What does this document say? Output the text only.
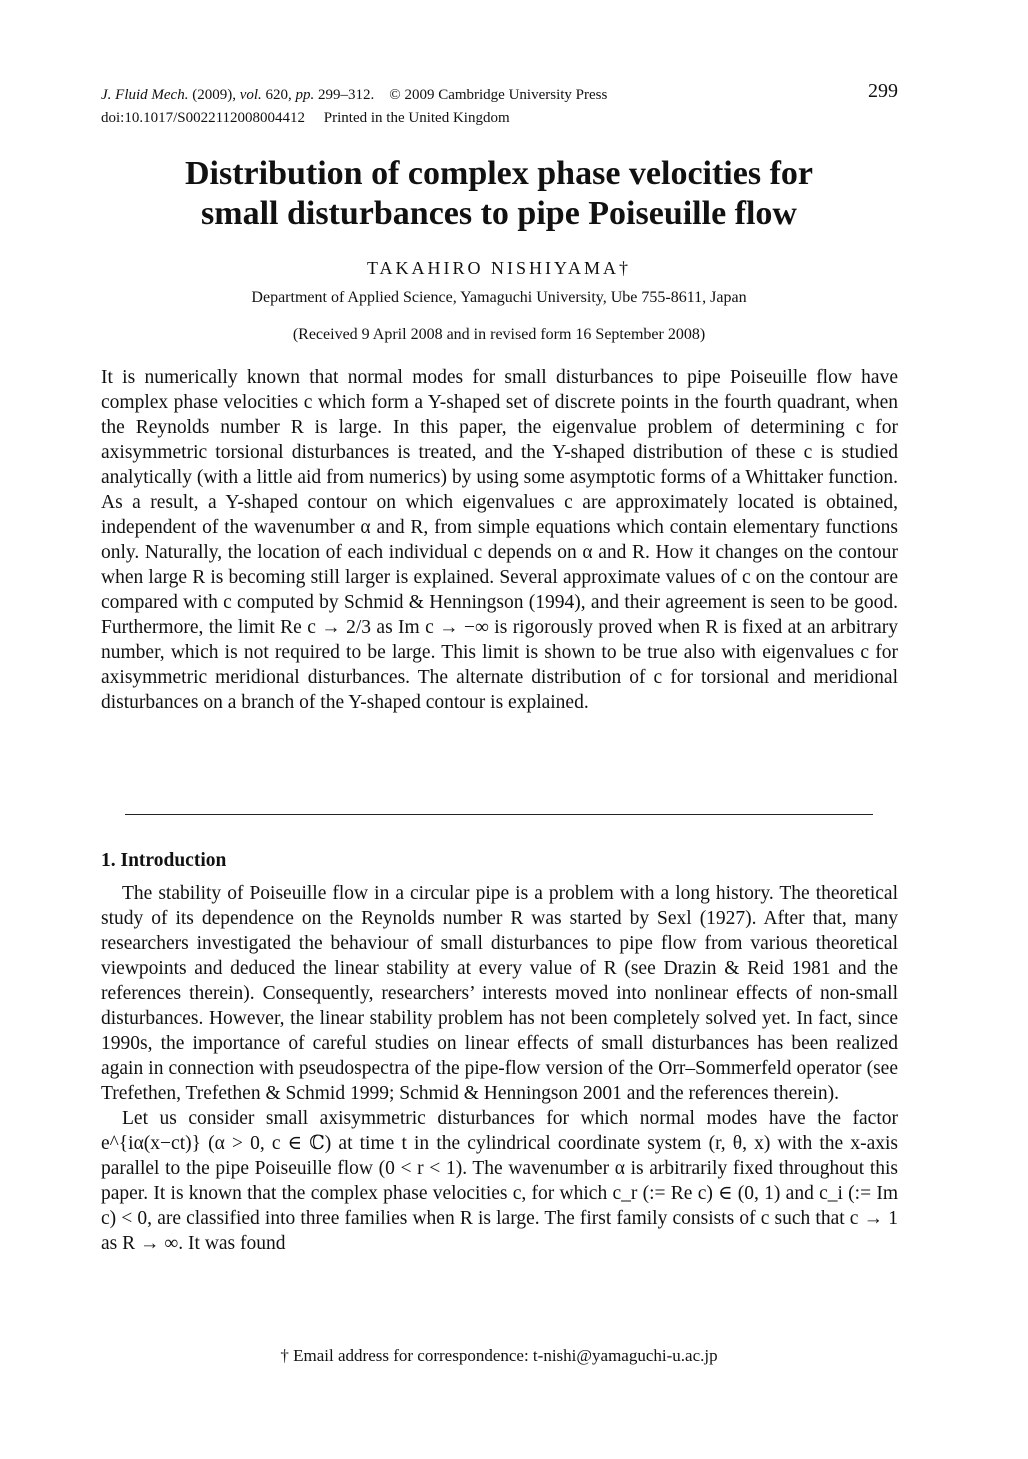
J. Fluid Mech. (2009), vol. 620, pp. 299–312. © 2009 Cambridge University Press
doi:10.1017/S0022112008004412 Printed in the United Kingdom
299
Distribution of complex phase velocities for
small disturbances to pipe Poiseuille flow
TAKAHIRO NISHIYAMA†
Department of Applied Science, Yamaguchi University, Ube 755-8611, Japan
(Received 9 April 2008 and in revised form 16 September 2008)

It is numerically known that normal modes for small disturbances to pipe Poiseuille flow have complex phase velocities c which form a Y-shaped set of discrete points in the fourth quadrant, when the Reynolds number R is large. In this paper, the eigenvalue problem of determining c for axisymmetric torsional disturbances is treated, and the Y-shaped distribution of these c is studied analytically (with a little aid from numerics) by using some asymptotic forms of a Whittaker function. As a result, a Y-shaped contour on which eigenvalues c are approximately located is obtained, independent of the wavenumber α and R, from simple equations which contain elementary functions only. Naturally, the location of each individual c depends on α and R. How it changes on the contour when large R is becoming still larger is explained. Several approximate values of c on the contour are compared with c computed by Schmid & Henningson (1994), and their agreement is seen to be good. Furthermore, the limit Re c → 2/3 as Im c → −∞ is rigorously proved when R is fixed at an arbitrary number, which is not required to be large. This limit is shown to be true also with eigenvalues c for axisymmetric meridional disturbances. The alternate distribution of c for torsional and meridional disturbances on a branch of the Y-shaped contour is explained.

1. Introduction

The stability of Poiseuille flow in a circular pipe is a problem with a long history. The theoretical study of its dependence on the Reynolds number R was started by Sexl (1927). After that, many researchers investigated the behaviour of small disturbances to pipe flow from various theoretical viewpoints and deduced the linear stability at every value of R (see Drazin & Reid 1981 and the references therein). Consequently, researchers’ interests moved into nonlinear effects of non-small disturbances. However, the linear stability problem has not been completely solved yet. In fact, since 1990s, the importance of careful studies on linear effects of small disturbances has been realized again in connection with pseudospectra of the pipe-flow version of the Orr–Sommerfeld operator (see Trefethen, Trefethen & Schmid 1999; Schmid & Henningson 2001 and the references therein).

Let us consider small axisymmetric disturbances for which normal modes have the factor e^{iα(x−ct)} (α > 0, c ∈ ℂ) at time t in the cylindrical coordinate system (r, θ, x) with the x-axis parallel to the pipe Poiseuille flow (0 < r < 1). The wavenumber α is arbitrarily fixed throughout this paper. It is known that the complex phase velocities c, for which c_r (:= Re c) ∈ (0, 1) and c_i (:= Im c) < 0, are classified into three families when R is large. The first family consists of c such that c → 1 as R → ∞. It was found

† Email address for correspondence: t-nishi@yamaguchi-u.ac.jp
